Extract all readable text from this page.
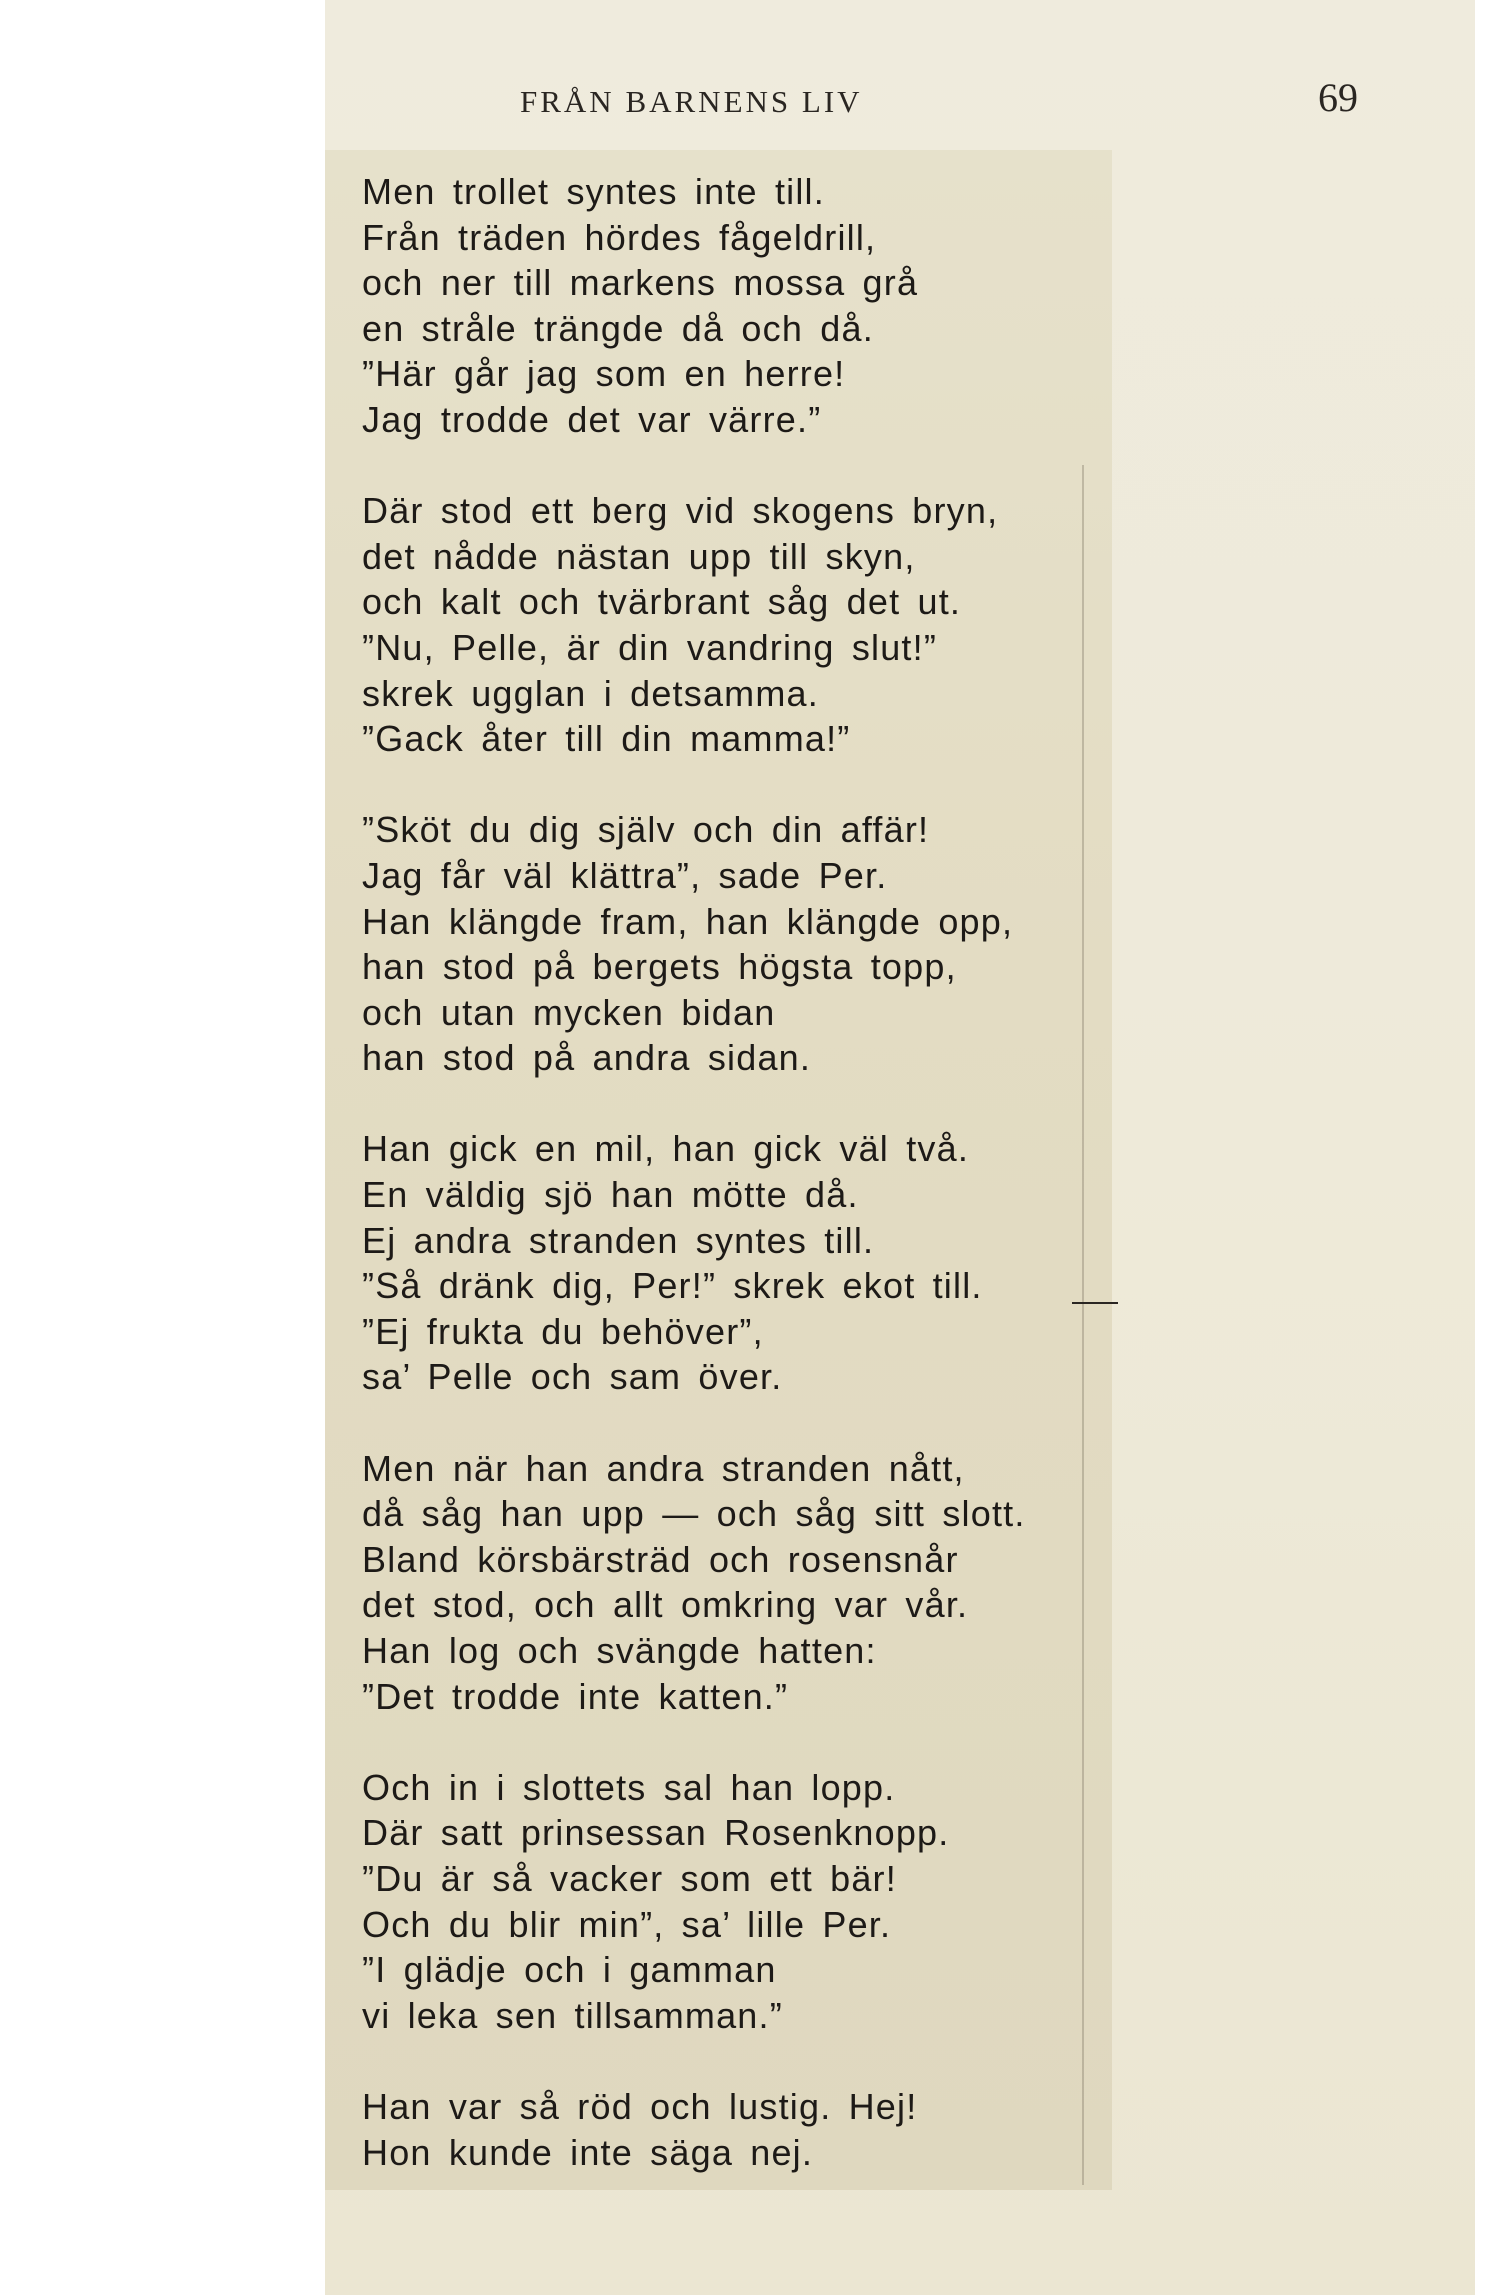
FRÅN BARNENS LIV	69
Men trollet syntes inte till.
Från träden hördes fågeldrill,
och ner till markens mossa grå
en stråle trängde då och då.
”Här går jag som en herre!
Jag trodde det var värre.”
Där stod ett berg vid skogens bryn,
det nådde nästan upp till skyn,
och kalt och tvärbrant såg det ut.
”Nu, Pelle, är din vandring slut!”
skrek ugglan i detsamma.
”Gack åter till din mamma!”
”Sköt du dig själv och din affär!
Jag får väl klättra”, sade Per.
Han klängde fram, han klängde opp,
han stod på bergets högsta topp,
och utan mycken bidan
han stod på andra sidan.
Han gick en mil, han gick väl två.
En väldig sjö han mötte då.
Ej andra stranden syntes till.
”Så dränk dig, Per!” skrek ekot till.
”Ej frukta du behöver”,
sa’ Pelle och sam över.
Men när han andra stranden nått,
då såg han upp — och såg sitt slott.
Bland körsbärsträd och rosensnår
det stod, och allt omkring var vår.
Han log och svängde hatten:
”Det trodde inte katten.”
Och in i slottets sal han lopp.
Där satt prinsessan Rosenknopp.
”Du är så vacker som ett bär!
Och du blir min”, sa’ lille Per.
”I glädje och i gamman
vi leka sen tillsamman.”
Han var så röd och lustig. Hej!
Hon kunde inte säga nej.
